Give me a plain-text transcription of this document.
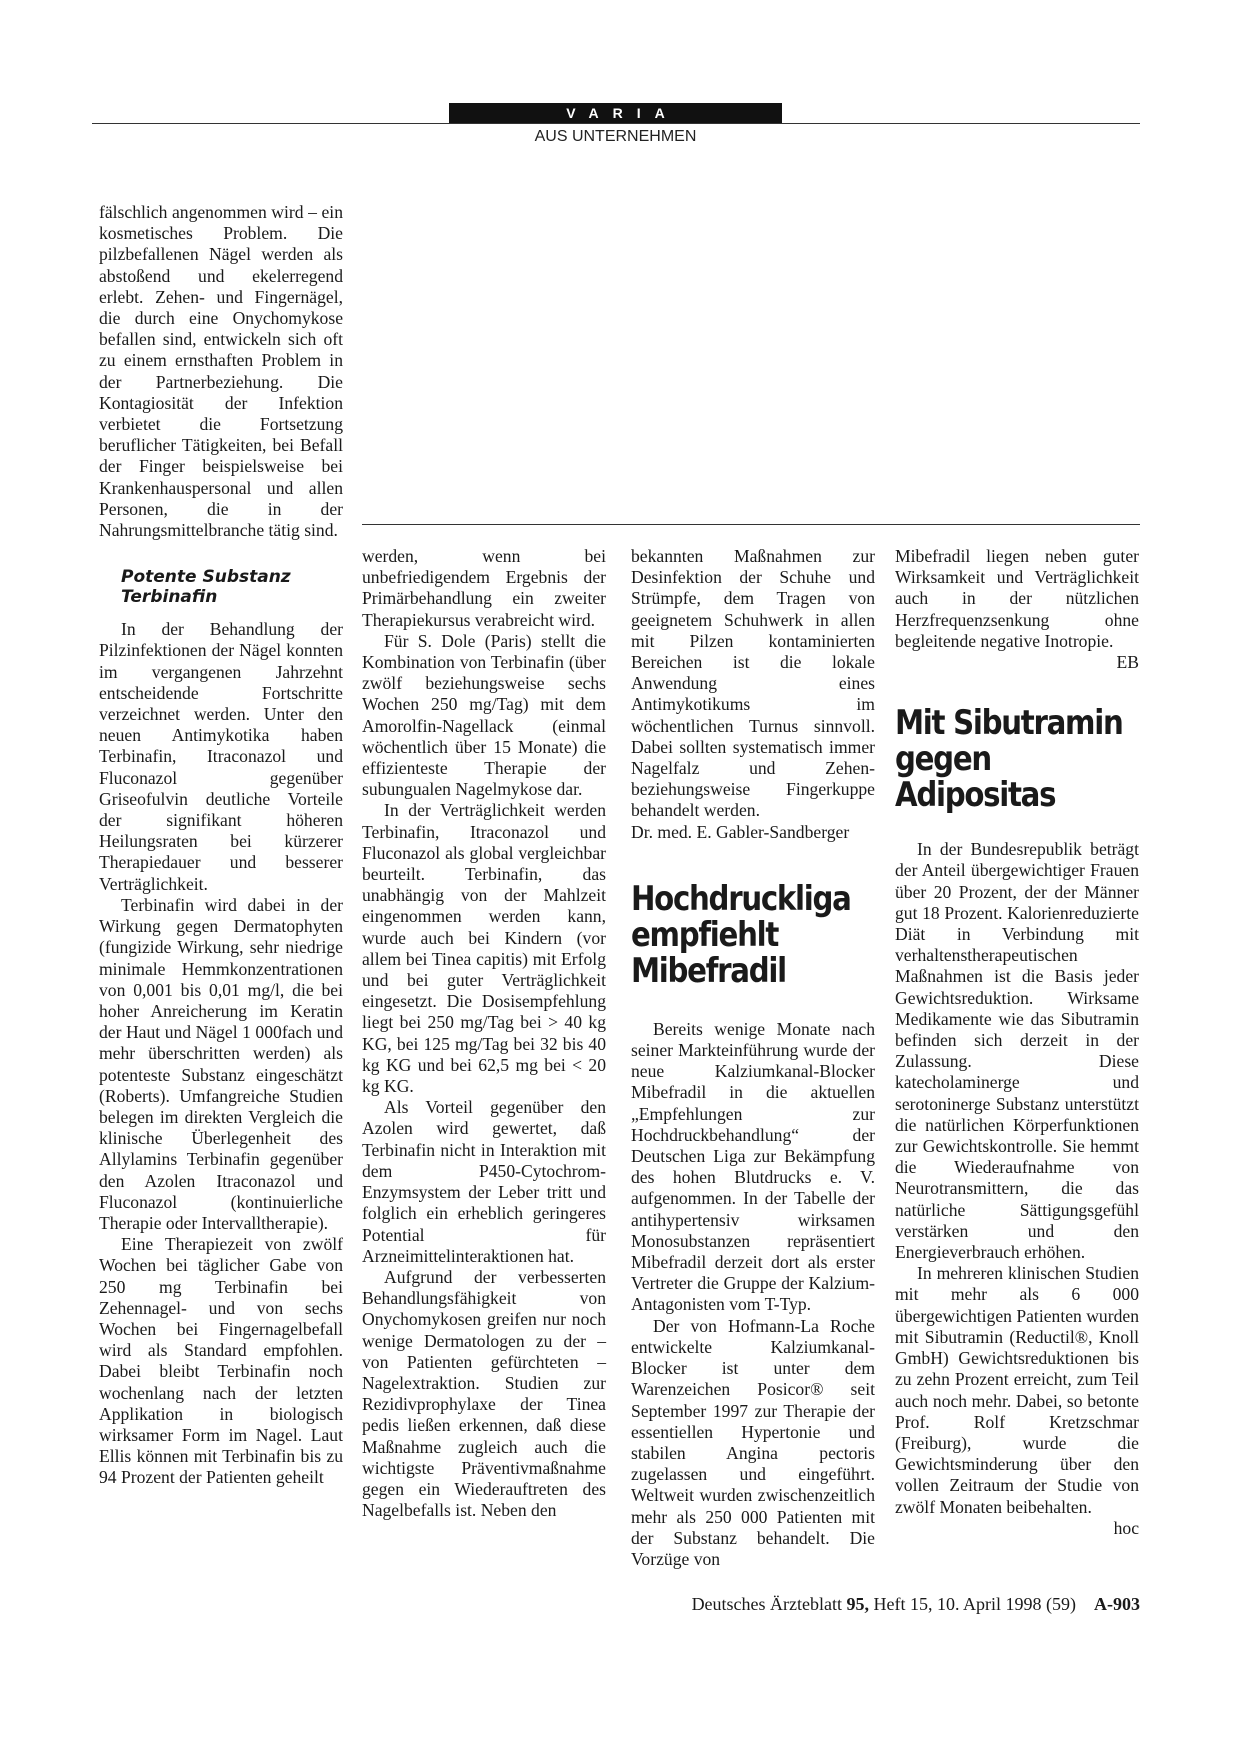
VARIA
AUS UNTERNEHMEN

fälschlich angenommen wird – ein kosmetisches Problem. Die pilzbefallenen Nägel werden als abstoßend und ekelerregend erlebt. Zehen- und Fingernägel, die durch eine Onychomykose befallen sind, entwickeln sich oft zu einem ernsthaften Problem in der Partnerbeziehung. Die Kontagiosität der Infektion verbietet die Fortsetzung beruflicher Tätigkeiten, bei Befall der Finger beispielsweise bei Krankenhauspersonal und allen Personen, die in der Nahrungsmittelbranche tätig sind.

Potente Substanz
Terbinafin

In der Behandlung der Pilzinfektionen der Nägel konnten im vergangenen Jahrzehnt entscheidende Fortschritte verzeichnet werden. Unter den neuen Antimykotika haben Terbinafin, Itraconazol und Fluconazol gegenüber Griseofulvin deutliche Vorteile der signifikant höheren Heilungsraten bei kürzerer Therapiedauer und besserer Verträglichkeit.

Terbinafin wird dabei in der Wirkung gegen Dermatophyten (fungizide Wirkung, sehr niedrige minimale Hemmkonzentrationen von 0,001 bis 0,01 mg/l, die bei hoher Anreicherung im Keratin der Haut und Nägel 1 000fach und mehr überschritten werden) als potenteste Substanz eingeschätzt (Roberts). Umfangreiche Studien belegen im direkten Vergleich die klinische Überlegenheit des Allylamins Terbinafin gegenüber den Azolen Itraconazol und Fluconazol (kontinuierliche Therapie oder Intervalltherapie).

Eine Therapiezeit von zwölf Wochen bei täglicher Gabe von 250 mg Terbinafin bei Zehennagel- und von sechs Wochen bei Fingernagelbefall wird als Standard empfohlen. Dabei bleibt Terbinafin noch wochenlang nach der letzten Applikation in biologisch wirksamer Form im Nagel. Laut Ellis können mit Terbinafin bis zu 94 Prozent der Patienten geheilt

werden, wenn bei unbefriedigendem Ergebnis der Primärbehandlung ein zweiter Therapiekursus verabreicht wird.

Für S. Dole (Paris) stellt die Kombination von Terbinafin (über zwölf beziehungsweise sechs Wochen 250 mg/Tag) mit dem Amorolfin-Nagellack (einmal wöchentlich über 15 Monate) die effizienteste Therapie der subungualen Nagelmykose dar.

In der Verträglichkeit werden Terbinafin, Itraconazol und Fluconazol als global vergleichbar beurteilt. Terbinafin, das unabhängig von der Mahlzeit eingenommen werden kann, wurde auch bei Kindern (vor allem bei Tinea capitis) mit Erfolg und bei guter Verträglichkeit eingesetzt. Die Dosisempfehlung liegt bei 250 mg/Tag bei > 40 kg KG, bei 125 mg/Tag bei 32 bis 40 kg KG und bei 62,5 mg bei < 20 kg KG.

Als Vorteil gegenüber den Azolen wird gewertet, daß Terbinafin nicht in Interaktion mit dem P450-Cytochrom-Enzymsystem der Leber tritt und folglich ein erheblich geringeres Potential für Arzneimittelinteraktionen hat.

Aufgrund der verbesserten Behandlungsfähigkeit von Onychomykosen greifen nur noch wenige Dermatologen zu der – von Patienten gefürchteten – Nagelextraktion. Studien zur Rezidivprophylaxe der Tinea pedis ließen erkennen, daß diese Maßnahme zugleich auch die wichtigste Präventivmaßnahme gegen ein Wiederauftreten des Nagelbefalls ist. Neben den

bekannten Maßnahmen zur Desinfektion der Schuhe und Strümpfe, dem Tragen von geeignetem Schuhwerk in allen mit Pilzen kontaminierten Bereichen ist die lokale Anwendung eines Antimykotikums im wöchentlichen Turnus sinnvoll. Dabei sollten systematisch immer Nagelfalz und Zehen- beziehungsweise Fingerkuppe behandelt werden.

Dr. med. E. Gabler-Sandberger

Hochdruckliga
empfiehlt
Mibefradil

Bereits wenige Monate nach seiner Markteinführung wurde der neue Kalziumkanal-Blocker Mibefradil in die aktuellen „Empfehlungen zur Hochdruckbehandlung“ der Deutschen Liga zur Bekämpfung des hohen Blutdrucks e. V. aufgenommen. In der Tabelle der antihypertensiv wirksamen Monosubstanzen repräsentiert Mibefradil derzeit dort als erster Vertreter die Gruppe der Kalzium-Antagonisten vom T-Typ.

Der von Hofmann-La Roche entwickelte Kalziumkanal-Blocker ist unter dem Warenzeichen Posicor® seit September 1997 zur Therapie der essentiellen Hypertonie und stabilen Angina pectoris zugelassen und eingeführt. Weltweit wurden zwischenzeitlich mehr als 250 000 Patienten mit der Substanz behandelt. Die Vorzüge von

Mibefradil liegen neben guter Wirksamkeit und Verträglichkeit auch in der nützlichen Herzfrequenzsenkung ohne begleitende negative Inotropie.

EB

Mit Sibutramin
gegen
Adipositas

In der Bundesrepublik beträgt der Anteil übergewichtiger Frauen über 20 Prozent, der der Männer gut 18 Prozent. Kalorienreduzierte Diät in Verbindung mit verhaltenstherapeutischen Maßnahmen ist die Basis jeder Gewichtsreduktion. Wirksame Medikamente wie das Sibutramin befinden sich derzeit in der Zulassung. Diese katecholaminerge und serotoninerge Substanz unterstützt die natürlichen Körperfunktionen zur Gewichtskontrolle. Sie hemmt die Wiederaufnahme von Neurotransmittern, die das natürliche Sättigungsgefühl verstärken und den Energieverbrauch erhöhen.

In mehreren klinischen Studien mit mehr als 6 000 übergewichtigen Patienten wurden mit Sibutramin (Reductil®, Knoll GmbH) Gewichtsreduktionen bis zu zehn Prozent erreicht, zum Teil auch noch mehr. Dabei, so betonte Prof. Rolf Kretzschmar (Freiburg), wurde die Gewichtsminderung über den vollen Zeitraum der Studie von zwölf Monaten beibehalten.

hoc

Deutsches Ärzteblatt 95, Heft 15, 10. April 1998 (59) A-903
